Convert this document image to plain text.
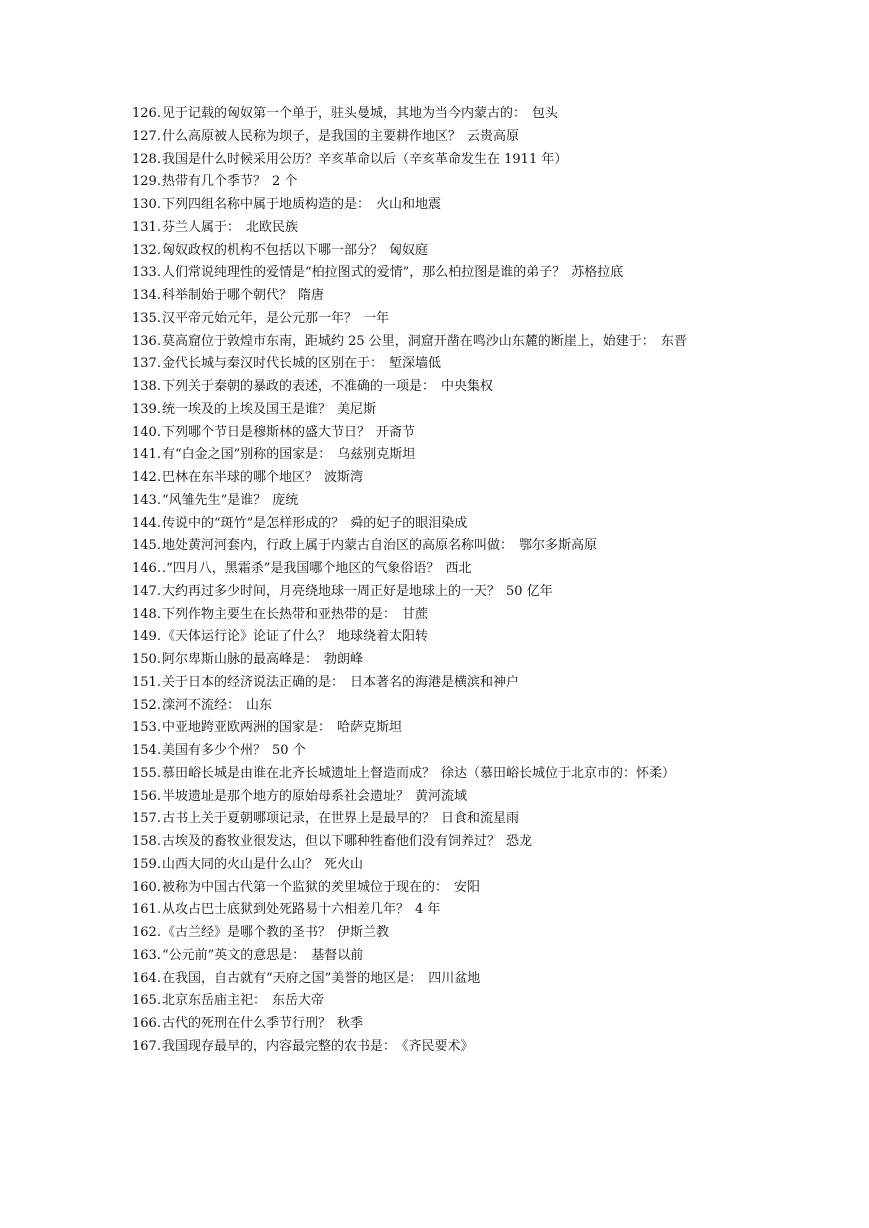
126.见于记载的匈奴第一个单于，驻头曼城，其地为当今内蒙古的： 包头
127.什么高原被人民称为坝子，是我国的主要耕作地区？ 云贵高原
128.我国是什么时候采用公历？辛亥革命以后（辛亥革命发生在 1911 年）
129.热带有几个季节？ 2 个
130.下列四组名称中属于地质构造的是： 火山和地震
131.芬兰人属于： 北欧民族
132.匈奴政权的机构不包括以下哪一部分？ 匈奴庭
133.人们常说纯理性的爱情是“柏拉图式的爱情”，那么柏拉图是谁的弟子？ 苏格拉底
134.科举制始于哪个朝代？ 隋唐
135.汉平帝元始元年，是公元那一年？ 一年
136.莫高窟位于敦煌市东南，距城约 25 公里，洞窟开凿在鸣沙山东麓的断崖上，始建于： 东晋
137.金代长城与秦汉时代长城的区别在于： 堑深墙低
138.下列关于秦朝的暴政的表述，不准确的一项是： 中央集权
139.统一埃及的上埃及国王是谁？ 美尼斯
140.下列哪个节日是穆斯林的盛大节日？ 开斋节
141.有“白金之国”别称的国家是： 乌兹别克斯坦
142.巴林在东半球的哪个地区？ 波斯湾
143.“风雏先生”是谁？ 庞统
144.传说中的“斑竹”是怎样形成的？ 舜的妃子的眼泪染成
145.地处黄河河套内，行政上属于内蒙古自治区的高原名称叫做： 鄂尔多斯高原
146..“四月八，黑霜杀”是我国哪个地区的气象俗语？ 西北
147.大约再过多少时间，月亮绕地球一周正好是地球上的一天？ 50 亿年
148.下列作物主要生在长热带和亚热带的是： 甘蔗
149.《天体运行论》论证了什么？ 地球绕着太阳转
150.阿尔卑斯山脉的最高峰是： 勃朗峰
151.关于日本的经济说法正确的是： 日本著名的海港是横滨和神户
152.滦河不流经： 山东
153.中亚地跨亚欧两洲的国家是： 哈萨克斯坦
154.美国有多少个州？ 50 个
155.慕田峪长城是由谁在北齐长城遗址上督造而成？ 徐达（慕田峪长城位于北京市的：怀柔）
156.半坡遗址是那个地方的原始母系社会遗址？ 黄河流域
157.古书上关于夏朝哪项记录，在世界上是最早的？ 日食和流星雨
158.古埃及的畜牧业很发达，但以下哪种牲畜他们没有饲养过？ 恐龙
159.山西大同的火山是什么山？ 死火山
160.被称为中国古代第一个监狱的羑里城位于现在的： 安阳
161.从攻占巴士底狱到处死路易十六相差几年？ 4 年
162.《古兰经》是哪个教的圣书？ 伊斯兰教
163.“公元前”英文的意思是： 基督以前
164.在我国，自古就有“天府之国”美誉的地区是： 四川盆地
165.北京东岳庙主祀： 东岳大帝
166.古代的死刑在什么季节行刑？ 秋季
167.我国现存最早的，内容最完整的农书是： 《齐民要术》
